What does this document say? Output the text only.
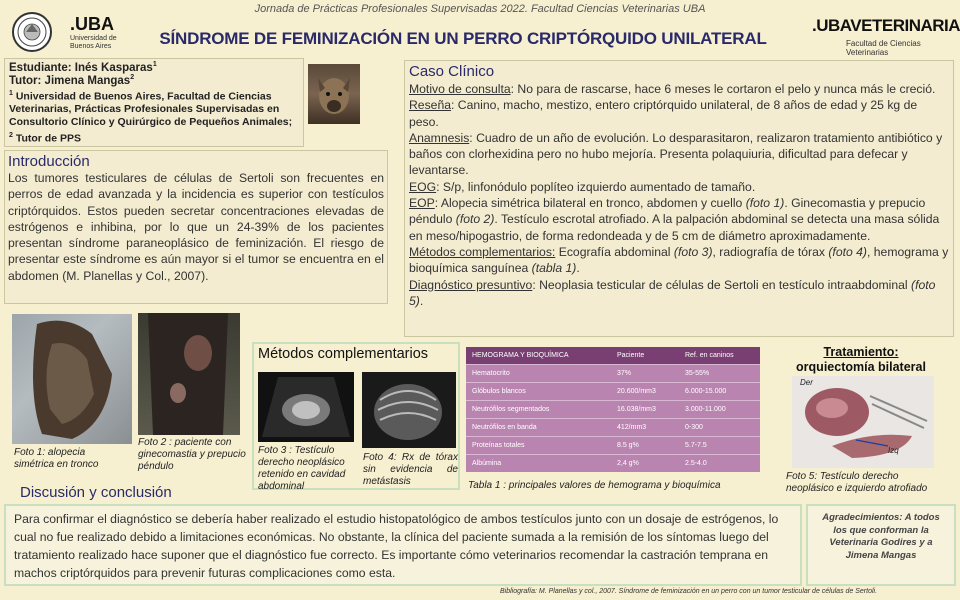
Jornada de Prácticas Profesionales Supervisadas 2022. Facultad Ciencias Veterinarias UBA
.UBA
Universidad de
Buenos Aires	SÍNDROME DE FEMINIZACIÓN EN UN PERRO CRIPTÓRQUIDO UNILATERAL
.UBAVETERINARIA
Facultad de Ciencias Veterinarias
Estudiante: Inés Kasparas$^1$
Tutor: Jimena Mangas$^2$
$^1$ Universidad de Buenos Aires, Facultad de Ciencias Veterinarias, Prácticas Profesionales Supervisadas en Consultorio Clínico y Quirúrgico de Pequeños Animales;
$^2$ Tutor de PPS
Introducción
Los tumores testiculares de células de Sertoli son frecuentes en perros de edad avanzada y la incidencia es superior con testículos criptórquidos. Estos pueden secretar concentraciones elevadas de estrógenos e inhibina, por lo que un 24-39% de los pacientes presentan síndrome paraneoplásico de feminización. El riesgo de presentar este síndrome es aún mayor si el tumor se encuentra en el abdomen (M. Planellas y Col., 2007).
Caso Clínico
Motivo de consulta: No para de rascarse, hace 6 meses le cortaron el pelo y nunca más le creció.
Reseña: Canino, macho, mestizo, entero criptórquido unilateral, de 8 años de edad y 25 kg de peso.
Anamnesis: Cuadro de un año de evolución. Lo desparasitaron, realizaron tratamiento antibiótico y baños con clorhexidina pero no hubo mejoría. Presenta polaquiuria, dificultad para defecar y levantarse.
EOG: S/p, linfonódulo poplíteo izquierdo aumentado de tamaño.
EOP: Alopecia simétrica bilateral en tronco, abdomen y cuello (foto 1). Ginecomastia y prepucio péndulo (foto 2). Testículo escrotal atrofiado. A la palpación abdominal se detecta una masa sólida en meso/hipogastrio, de forma redondeada y de 5 cm de diámetro aproximadamente.
Métodos complementarios: Ecografía abdominal (foto 3), radiografía de tórax (foto 4), hemograma y bioquímica sanguínea (tabla 1).
Diagnóstico presuntivo: Neoplasia testicular de células de Sertoli en testículo intraabdominal (foto 5).
Foto 1: alopecia simétrica en tronco
Foto 2 : paciente con ginecomastia y prepucio péndulo
Métodos complementarios
Foto 3 : Testículo derecho neoplásico retenido en cavidad abdominal
Foto 4: Rx de tórax sin evidencia de metástasis
HEMOGRAMA Y BIOQUÍMICA	Paciente	Ref. en caninos
Hematocrito	37%	35-55%
Glóbulos blancos	20.600/mm3	6.000-15.000
Neutrófilos segmentados	16.038/mm3	3.000-11.000
Neutrófilos en banda	412/mm3	0-300
Proteínas totales	8.5 g%	5.7-7.5
Albúmina	2,4 g%	2.5-4.0
Tabla 1 : principales valores de hemograma y bioquímica
Tratamiento:
orquiectomía bilateral
Der
Izq
Foto 5: Testículo derecho neoplásico e izquierdo atrofiado
Discusión y conclusión
Para confirmar el diagnóstico se debería haber realizado el estudio histopatológico de ambos testículos junto con un dosaje de estrógenos, lo cual no fue realizado debido a limitaciones económicas. No obstante, la clínica del paciente sumada a la remisión de los síntomas luego del tratamiento realizado hace suponer que el diagnóstico fue correcto. Es importante cómo veterinarios recomendar la castración temprana en machos criptórquidos para prevenir futuras complicaciones como esta.
Agradecimientos: A todos los que conforman la Veterinaria Godires y a Jimena Mangas
Bibliografía: M. Planellas y col., 2007. Síndrome de feminización en un perro con un tumor testicular de células de Sertoli.
